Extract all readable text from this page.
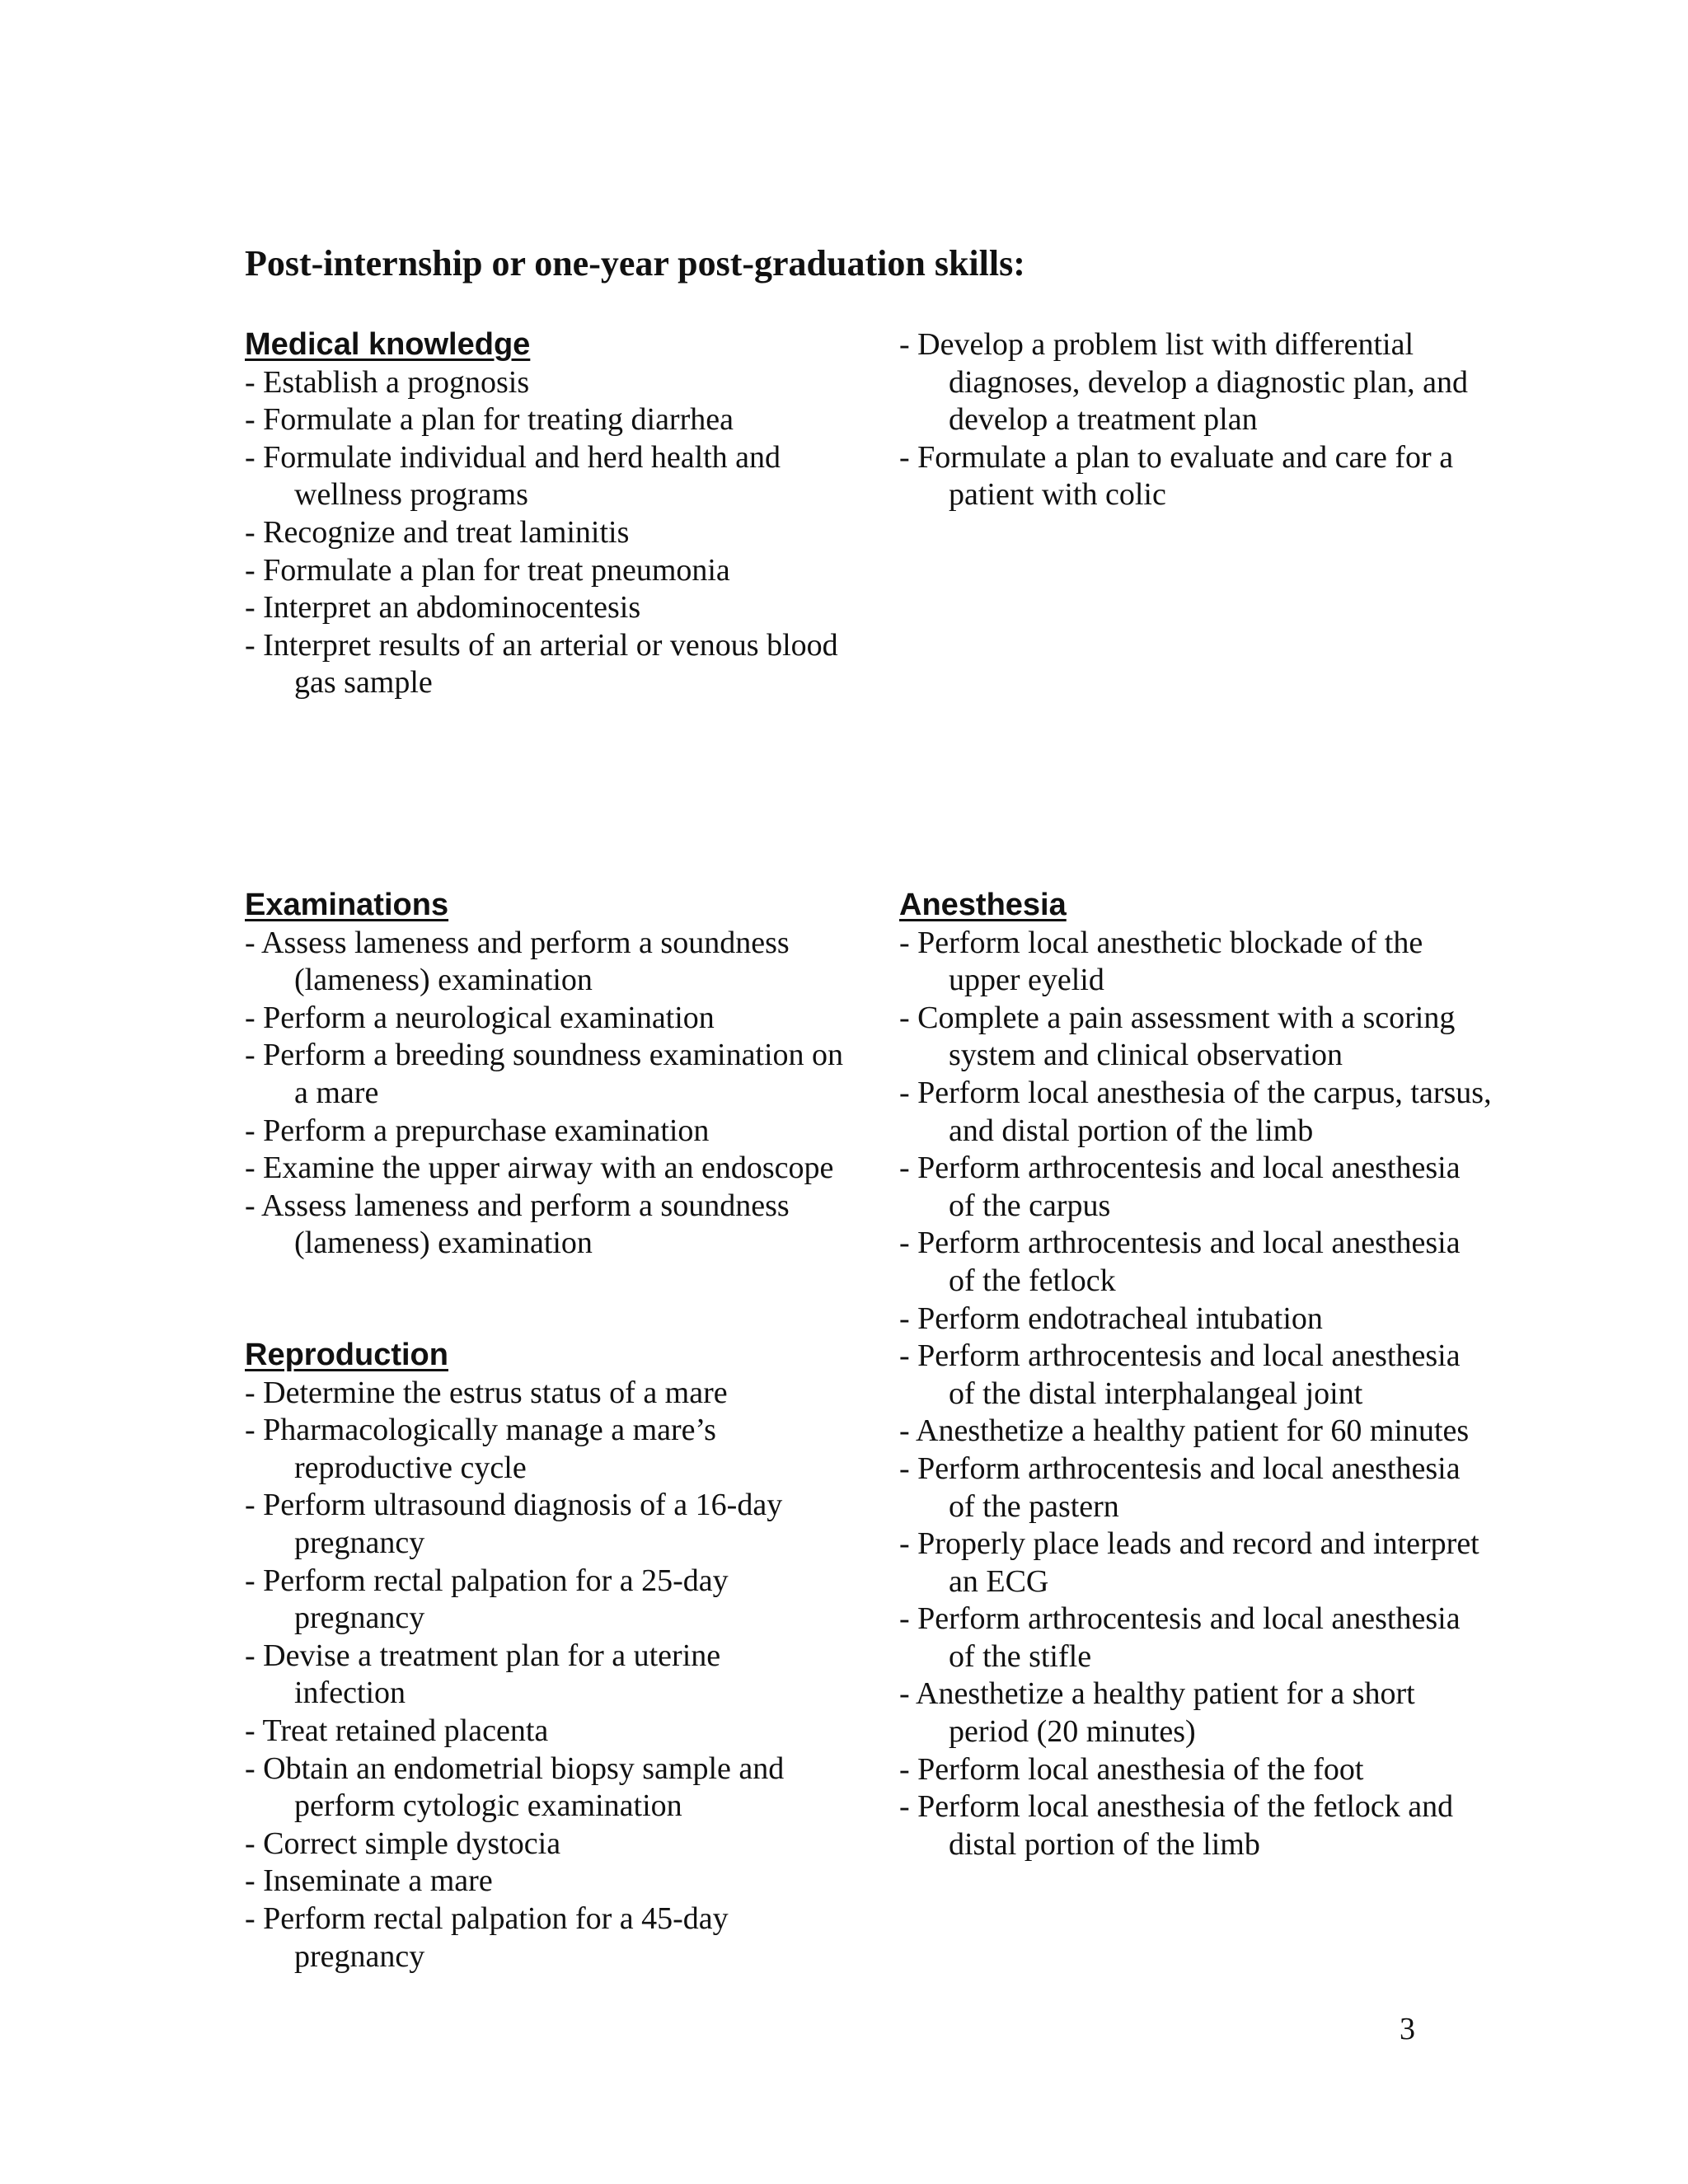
Post-internship or one-year post-graduation skills:
Medical knowledge
- Establish a prognosis
- Formulate a plan for treating diarrhea
- Formulate individual and herd health and wellness programs
- Recognize and treat laminitis
- Formulate a plan for treat pneumonia
- Interpret an abdominocentesis
- Interpret results of an arterial or venous blood gas sample
- Develop a problem list with differential diagnoses, develop a diagnostic plan, and develop a treatment plan
- Formulate a plan to evaluate and care for a patient with colic
Examinations
- Assess lameness and perform a soundness (lameness) examination
- Perform a neurological examination
- Perform a breeding soundness examination on a mare
- Perform a prepurchase examination
- Examine the upper airway with an endoscope
- Assess lameness and perform a soundness (lameness) examination
Reproduction
- Determine the estrus status of a mare
- Pharmacologically manage a mare’s reproductive cycle
- Perform ultrasound diagnosis of a 16-day pregnancy
- Perform rectal palpation for a 25-day pregnancy
- Devise a treatment plan for a uterine infection
- Treat retained placenta
- Obtain an endometrial biopsy sample and perform cytologic examination
- Correct simple dystocia
- Inseminate a mare
- Perform rectal palpation for a 45-day pregnancy
Anesthesia
- Perform local anesthetic blockade of the upper eyelid
- Complete a pain assessment with a scoring system and clinical observation
- Perform local anesthesia of the carpus, tarsus, and distal portion of the limb
- Perform arthrocentesis and local anesthesia of the carpus
- Perform arthrocentesis and local anesthesia of the fetlock
- Perform endotracheal intubation
- Perform arthrocentesis and local anesthesia of the distal interphalangeal joint
- Anesthetize a healthy patient for 60 minutes
- Perform arthrocentesis and local anesthesia of the pastern
- Properly place leads and record and interpret an ECG
- Perform arthrocentesis and local anesthesia of the stifle
- Anesthetize a healthy patient for a short period (20 minutes)
- Perform local anesthesia of the foot
- Perform local anesthesia of the fetlock and distal portion of the limb
3
